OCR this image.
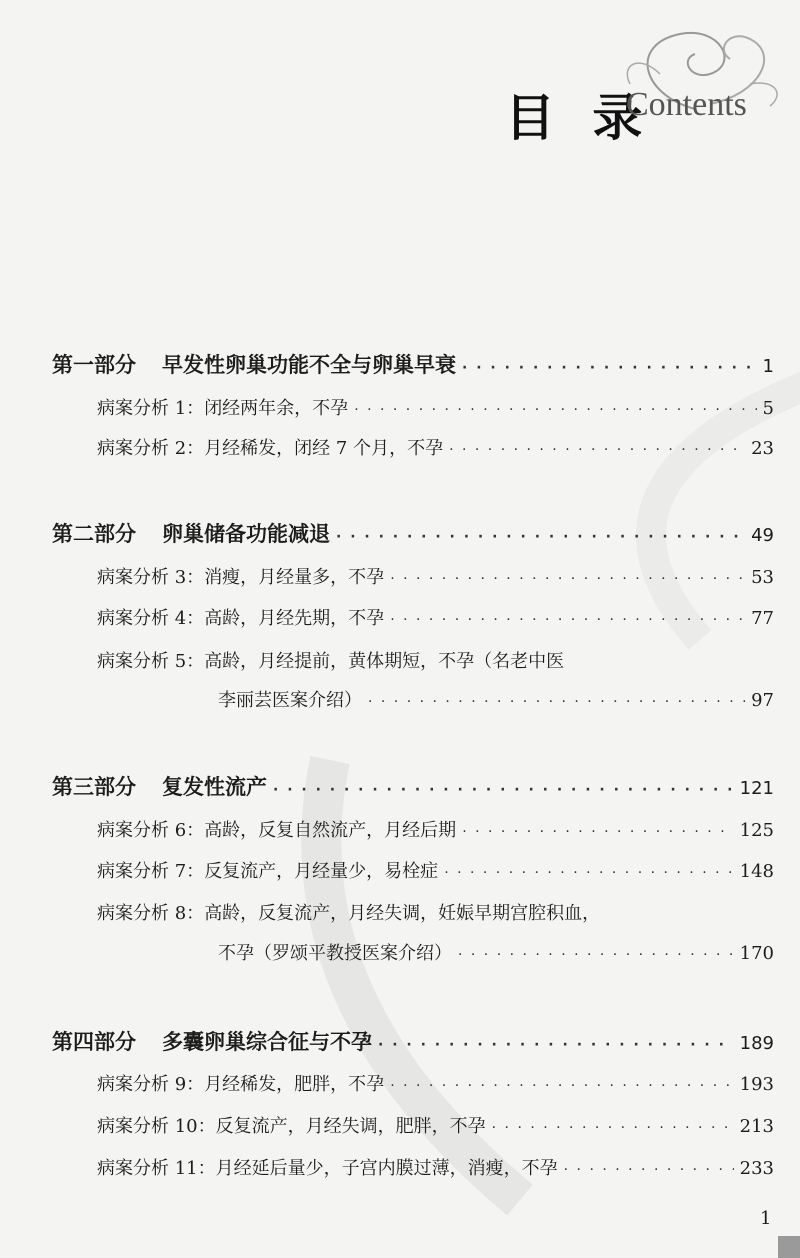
目 录
Contents
第一部分 早发性卵巢功能不全与卵巢早衰 · · ·	1
病案分析 1： 闭经两年余，不孕 · · ·	5
病案分析 2： 月经稀发，闭经 7 个月，不孕 · · ·	23
第二部分 卵巢储备功能减退 · · ·	49
病案分析 3： 消瘦，月经量多，不孕 · · ·	53
病案分析 4： 高龄，月经先期，不孕 · · ·	77
病案分析 5： 高龄，月经提前，黄体期短，不孕（名老中医
李丽芸医案介绍） · · ·	97
第三部分 复发性流产 · · ·	121
病案分析 6： 高龄，反复自然流产，月经后期 · · ·	125
病案分析 7： 反复流产，月经量少，易栓症 · · ·	148
病案分析 8： 高龄，反复流产，月经失调，妊娠早期宫腔积血，
不孕（罗颂平教授医案介绍） · · ·	170
第四部分 多囊卵巢综合征与不孕 · · ·	189
病案分析 9： 月经稀发，肥胖，不孕 · · ·	193
病案分析 10： 反复流产，月经失调，肥胖，不孕 · · ·	213
病案分析 11： 月经延后量少，子宫内膜过薄，消瘦，不孕 · · ·	233
1
